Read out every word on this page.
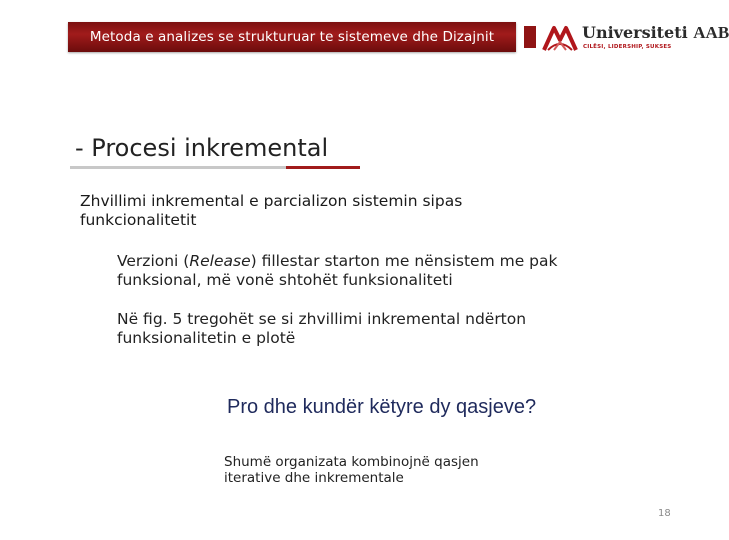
Metoda e analizes se strukturuar te sistemeve dhe Dizajnit	Universiteti AAB
CILËSI, LIDERSHIP, SUKSES
- Procesi inkremental
Zhvillimi inkremental e parcializon sistemin sipas funkcionalitetit
Verzioni (Release) fillestar starton me nënsistem me pak funksional, më vonë shtohët funksionaliteti
Në fig. 5 tregohët se si zhvillimi inkremental ndërton funksionalitetin e plotë
Pro dhe kundër këtyre dy qasjeve?
Shumë organizata kombinojnë qasjen iterative dhe inkrementale
18
